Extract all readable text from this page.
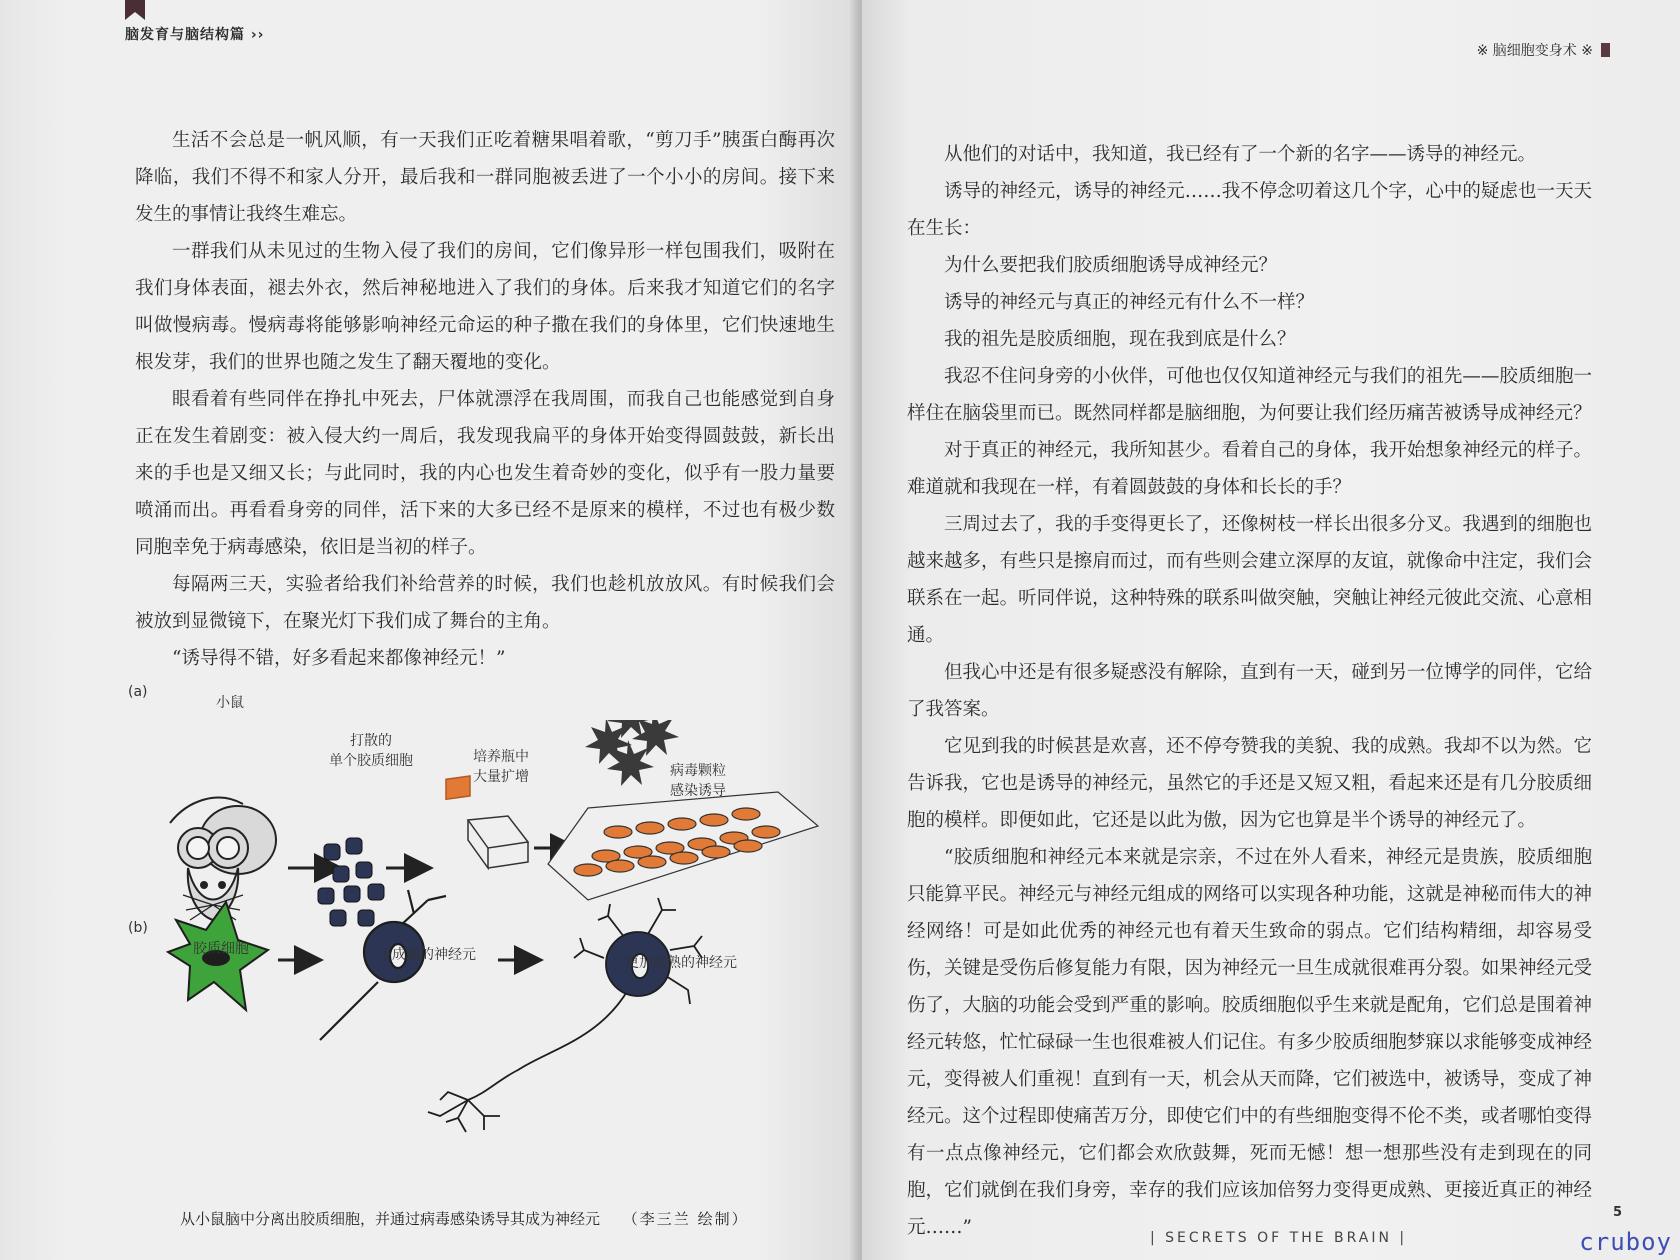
脑发育与脑结构篇 ››

生活不会总是一帆风顺，有一天我们正吃着糖果唱着歌，“剪刀手”胰蛋白酶再次降临，我们不得不和家人分开，最后我和一群同胞被丢进了一个小小的房间。接下来发生的事情让我终生难忘。

一群我们从未见过的生物入侵了我们的房间，它们像异形一样包围我们，吸附在我们身体表面，褪去外衣，然后神秘地进入了我们的身体。后来我才知道它们的名字叫做慢病毒。慢病毒将能够影响神经元命运的种子撒在我们的身体里，它们快速地生根发芽，我们的世界也随之发生了翻天覆地的变化。

眼看着有些同伴在挣扎中死去，尸体就漂浮在我周围，而我自己也能感觉到自身正在发生着剧变：被入侵大约一周后，我发现我扁平的身体开始变得圆鼓鼓，新长出来的手也是又细又长；与此同时，我的内心也发生着奇妙的变化，似乎有一股力量要喷涌而出。再看看身旁的同伴，活下来的大多已经不是原来的模样，不过也有极少数同胞幸免于病毒感染，依旧是当初的样子。

每隔两三天，实验者给我们补给营养的时候，我们也趁机放放风。有时候我们会被放到显微镜下，在聚光灯下我们成了舞台的主角。

“诱导得不错，好多看起来都像神经元！”

(a)
小鼠
打散的
单个胶质细胞	培养瓶中
大量扩增	病毒颗粒
感染诱导
(b)
胶质细胞	不成熟的神经元	更加成熟的神经元
从小鼠脑中分离出胶质细胞，并通过病毒感染诱导其成为神经元 （李三兰 绘制）
※ 脑细胞变身术 ※

从他们的对话中，我知道，我已经有了一个新的名字——诱导的神经元。

诱导的神经元，诱导的神经元……我不停念叨着这几个字，心中的疑虑也一天天在生长：

为什么要把我们胶质细胞诱导成神经元？

诱导的神经元与真正的神经元有什么不一样？

我的祖先是胶质细胞，现在我到底是什么？

我忍不住问身旁的小伙伴，可他也仅仅知道神经元与我们的祖先——胶质细胞一样住在脑袋里而已。既然同样都是脑细胞，为何要让我们经历痛苦被诱导成神经元？

对于真正的神经元，我所知甚少。看着自己的身体，我开始想象神经元的样子。难道就和我现在一样，有着圆鼓鼓的身体和长长的手？

三周过去了，我的手变得更长了，还像树枝一样长出很多分叉。我遇到的细胞也越来越多，有些只是擦肩而过，而有些则会建立深厚的友谊，就像命中注定，我们会联系在一起。听同伴说，这种特殊的联系叫做突触，突触让神经元彼此交流、心意相通。

但我心中还是有很多疑惑没有解除，直到有一天，碰到另一位博学的同伴，它给了我答案。

它见到我的时候甚是欢喜，还不停夸赞我的美貌、我的成熟。我却不以为然。它告诉我，它也是诱导的神经元，虽然它的手还是又短又粗，看起来还是有几分胶质细胞的模样。即便如此，它还是以此为傲，因为它也算是半个诱导的神经元了。

“胶质细胞和神经元本来就是宗亲，不过在外人看来，神经元是贵族，胶质细胞只能算平民。神经元与神经元组成的网络可以实现各种功能，这就是神秘而伟大的神经网络！可是如此优秀的神经元也有着天生致命的弱点。它们结构精细，却容易受伤，关键是受伤后修复能力有限，因为神经元一旦生成就很难再分裂。如果神经元受伤了，大脑的功能会受到严重的影响。胶质细胞似乎生来就是配角，它们总是围着神经元转悠，忙忙碌碌一生也很难被人们记住。有多少胶质细胞梦寐以求能够变成神经元，变得被人们重视！直到有一天，机会从天而降，它们被选中，被诱导，变成了神经元。这个过程即使痛苦万分，即使它们中的有些细胞变得不伦不类，或者哪怕变得有一点点像神经元，它们都会欢欣鼓舞，死而无憾！想一想那些没有走到现在的同胞，它们就倒在我们身旁，幸存的我们应该加倍努力变得更成熟、更接近真正的神经元……”

5
| SECRETS OF THE BRAIN |	cruboy
